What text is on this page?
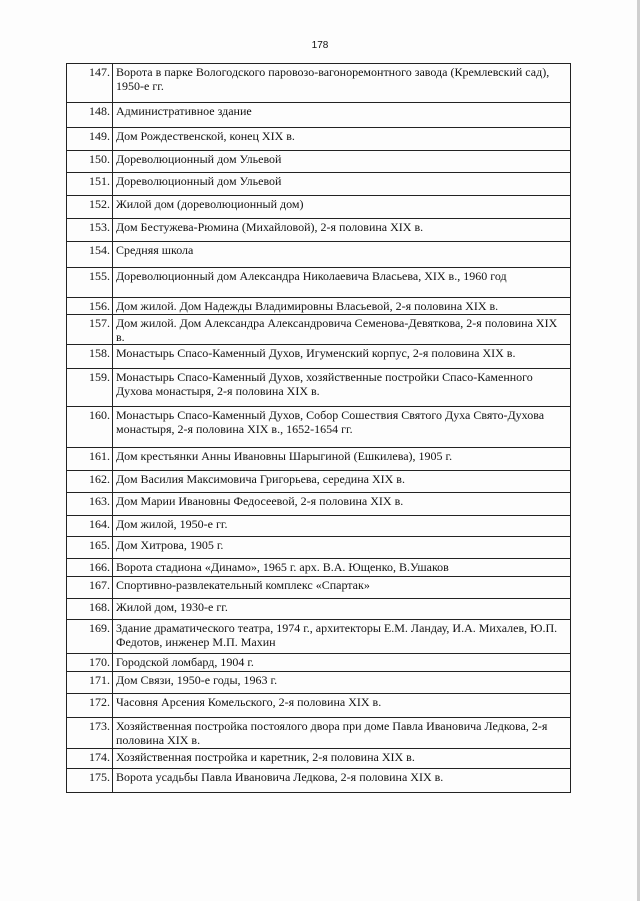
178
147.	Ворота в парке Вологодского паровозо-вагоноремонтного завода (Кремлевский сад), 1950-е гг.
148.	Административное здание
149.	Дом Рождественской, конец XIX в.
150.	Дореволюционный дом Ульевой
151.	Дореволюционный дом Ульевой
152.	Жилой дом (дореволюционный дом)
153.	Дом Бестужева-Рюмина (Михайловой), 2-я половина XIX в.
154.	Средняя школа
155.	Дореволюционный дом Александра Николаевича Власьева, XIX в., 1960 год
156.	Дом жилой. Дом Надежды Владимировны Власьевой, 2-я половина XIX в.
157.	Дом жилой. Дом Александра Александровича Семенова-Девяткова, 2-я половина XIX в.
158.	Монастырь Спасо-Каменный Духов, Игуменский корпус, 2-я половина XIX в.
159.	Монастырь Спасо-Каменный Духов, хозяйственные постройки Спасо-Каменного Духова монастыря, 2-я половина XIX в.
160.	Монастырь Спасо-Каменный Духов, Собор Сошествия Святого Духа Свято-Духова монастыря, 2-я половина XIX в., 1652-1654 гг.
161.	Дом крестьянки Анны Ивановны Шарыгиной (Ешкилева), 1905 г.
162.	Дом Василия Максимовича Григорьева, середина XIX в.
163.	Дом Марии Ивановны Федосеевой, 2-я половина XIX в.
164.	Дом жилой, 1950-е гг.
165.	Дом Хитрова, 1905 г.
166.	Ворота стадиона «Динамо», 1965 г. арх. В.А. Ющенко, В.Ушаков
167.	Спортивно-развлекательный комплекс «Спартак»
168.	Жилой дом, 1930-е гг.
169.	Здание драматического театра, 1974 г., архитекторы Е.М. Ландау, И.А. Михалев, Ю.П. Федотов, инженер М.П. Махин
170.	Городской ломбард, 1904 г.
171.	Дом Связи, 1950-е годы, 1963 г.
172.	Часовня Арсения Комельского, 2-я половина XIX в.
173.	Хозяйственная постройка постоялого двора при доме Павла Ивановича Ледкова, 2-я половина XIX в.
174.	Хозяйственная постройка и каретник, 2-я половина XIX в.
175.	Ворота усадьбы Павла Ивановича Ледкова, 2-я половина XIX в.
